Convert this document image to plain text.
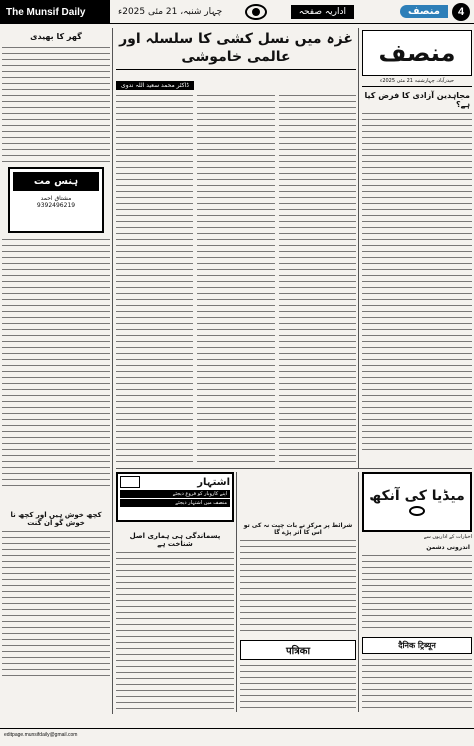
The Munsif Daily	چہار شنبہ، 21 مئی 2025ء	اداریہ صفحہ	منصف	4
گھر کا بھیدی
ہنس مت
مشتاق احمد
9392496219
کچھ خوش ہیں اور کچھ نا خوش گو ان گنت
غزہ میں نسل کشی کا سلسلہ اور عالمی خاموشی
ڈاکٹر محمد سعید اللہ ندوی
منصف
حیدرآباد، چہارشنبہ 21 مئی 2025ء
مجاہدین آزادی کا فرض کیا ہے؟
اشتہار
اپنے کاروبار کو فروغ دیجئے
منصف میں اشتہار دیجئے
پسماندگی ہی ہماری اصل شناخت ہے
شرائط پر مرکز نے بات چیت نہ کی تو اس کا اثر پڑے گا
पत्रिका
میڈیا کی آنکھ
اخبارات کے اداریوں سے
اندرونی دشمن
दैनिक ट्रिब्यून
editpage.munsifdaily@gmail.com
